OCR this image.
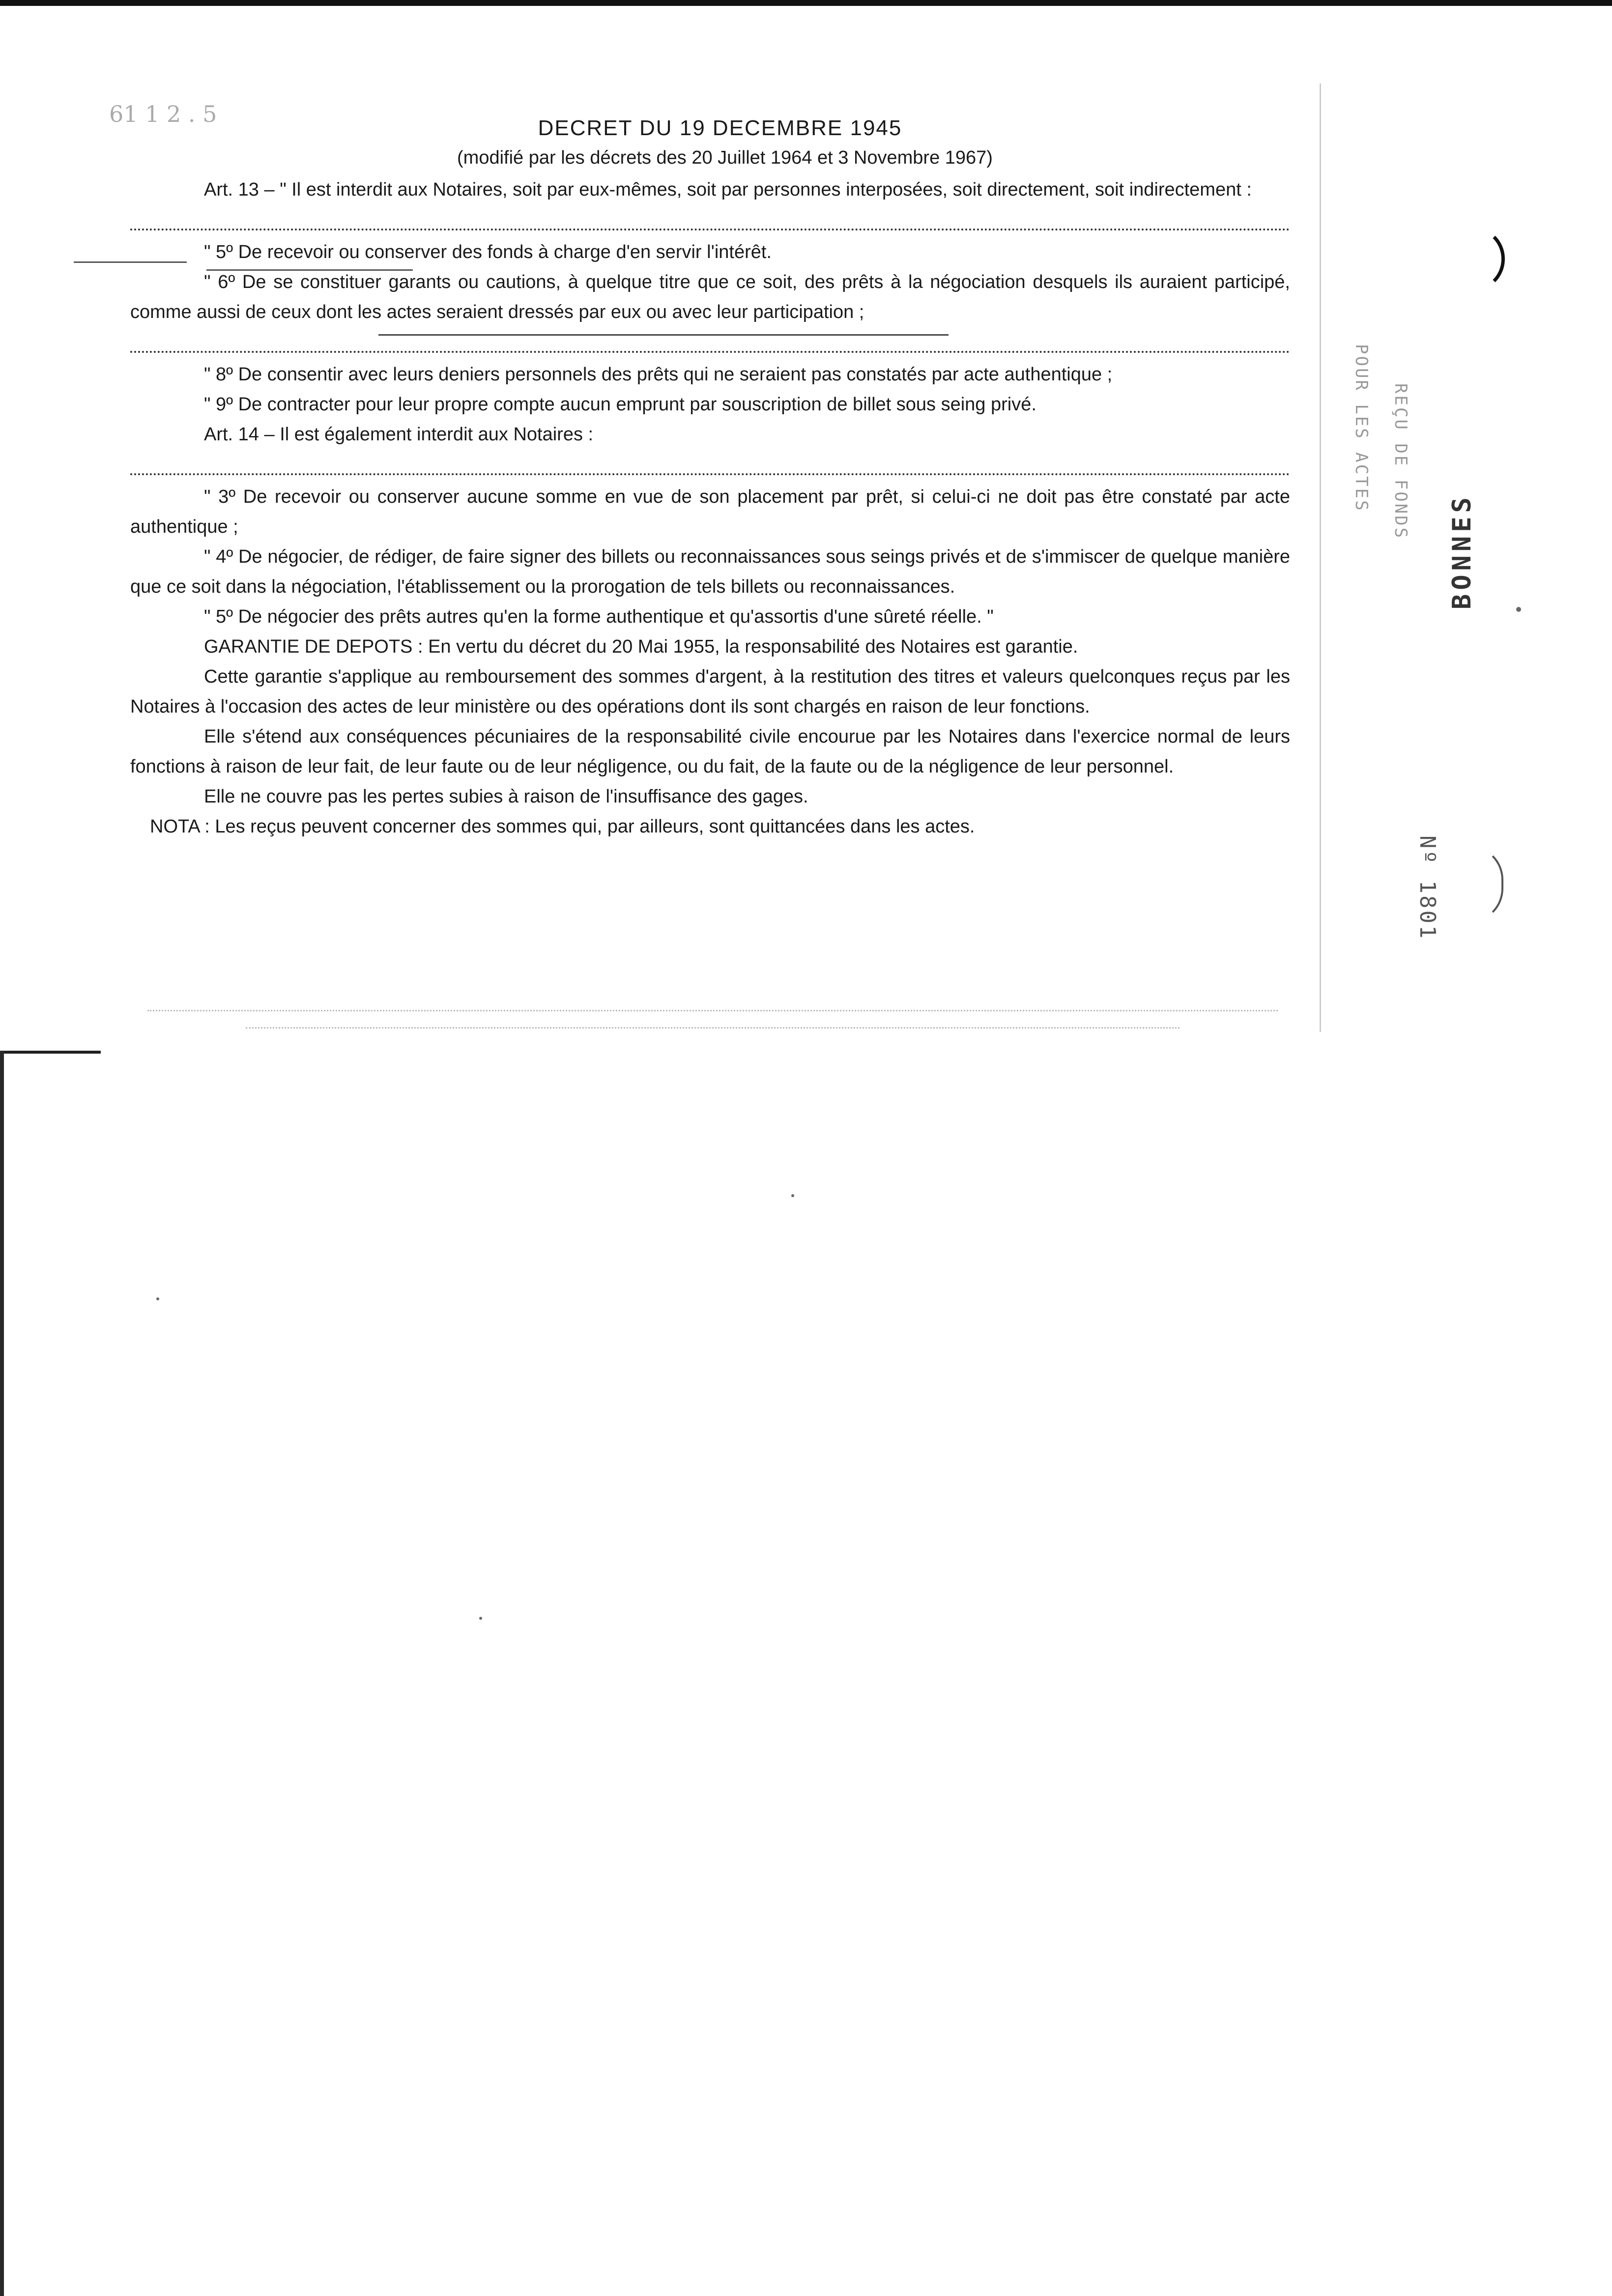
61 1 2 . 5

DECRET DU 19 DECEMBRE 1945

(modifié par les décrets des 20 Juillet 1964 et 3 Novembre 1967)

Art. 13 – " Il est interdit aux Notaires, soit par eux-mêmes, soit par personnes interposées, soit directement, soit indirectement :

" 5º De recevoir ou conserver des fonds à charge d'en servir l'intérêt.

" 6º De se constituer garants ou cautions, à quelque titre que ce soit, des prêts à la négociation desquels ils auraient participé, comme aussi de ceux dont les actes seraient dressés par eux ou avec leur participation ;

" 8º De consentir avec leurs deniers personnels des prêts qui ne seraient pas constatés par acte authentique ;

" 9º De contracter pour leur propre compte aucun emprunt par souscription de billet sous seing privé.

Art. 14 – Il est également interdit aux Notaires :

" 3º De recevoir ou conserver aucune somme en vue de son placement par prêt, si celui-ci ne doit pas être constaté par acte authentique ;

" 4º De négocier, de rédiger, de faire signer des billets ou reconnaissances sous seings privés et de s'immiscer de quelque manière que ce soit dans la négociation, l'établissement ou la prorogation de tels billets ou reconnaissances.

" 5º De négocier des prêts autres qu'en la forme authentique et qu'assortis d'une sûreté réelle. "

GARANTIE DE DEPOTS : En vertu du décret du 20 Mai 1955, la responsabilité des Notaires est garantie.

Cette garantie s'applique au remboursement des sommes d'argent, à la restitution des titres et valeurs quelconques reçus par les Notaires à l'occasion des actes de leur ministère ou des opérations dont ils sont chargés en raison de leur fonctions.

Elle s'étend aux conséquences pécuniaires de la responsabilité civile encourue par les Notaires dans l'exercice normal de leurs fonctions à raison de leur fait, de leur faute ou de leur négligence, ou du fait, de la faute ou de la négligence de leur personnel.

Elle ne couvre pas les pertes subies à raison de l'insuffisance des gages.

NOTA : Les reçus peuvent concerner des sommes qui, par ailleurs, sont quittancées dans les actes.

POUR LES ACTES REÇU DE FONDS
BONNES
Nº 1801
